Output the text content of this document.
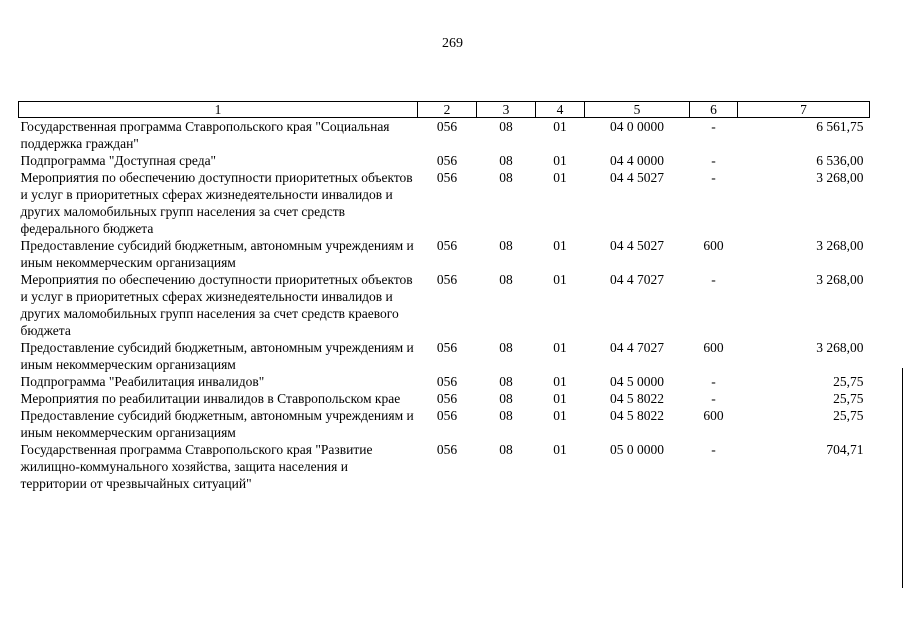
269
1	2	3	4	5	6	7
Государственная программа Ставропольского края "Социальная поддержка граждан"	056	08	01	04 0 0000	-	6 561,75
Подпрограмма "Доступная среда"	056	08	01	04 4 0000	-	6 536,00
Мероприятия по обеспечению доступности приоритетных объектов и услуг в приоритетных сферах жизнедеятельности инвалидов и других маломобильных групп населения за счет средств федерального бюджета	056	08	01	04 4 5027	-	3 268,00
Предоставление субсидий бюджетным, автономным учреждениям и иным некоммерческим организациям	056	08	01	04 4 5027	600	3 268,00
Мероприятия по обеспечению доступности приоритетных объектов и услуг в приоритетных сферах жизнедеятельности инвалидов и других маломобильных групп населения за счет средств краевого бюджета	056	08	01	04 4 7027	-	3 268,00
Предоставление субсидий бюджетным, автономным учреждениям и иным некоммерческим организациям	056	08	01	04 4 7027	600	3 268,00
Подпрограмма "Реабилитация инвалидов"	056	08	01	04 5 0000	-	25,75
Мероприятия по реабилитации инвалидов в Ставропольском крае	056	08	01	04 5 8022	-	25,75
Предоставление субсидий бюджетным, автономным учреждениям и иным некоммерческим организациям	056	08	01	04 5 8022	600	25,75
Государственная программа Ставропольского края "Развитие жилищно-коммунального хозяйства, защита населения и территории от чрезвычайных ситуаций"	056	08	01	05 0 0000	-	704,71
